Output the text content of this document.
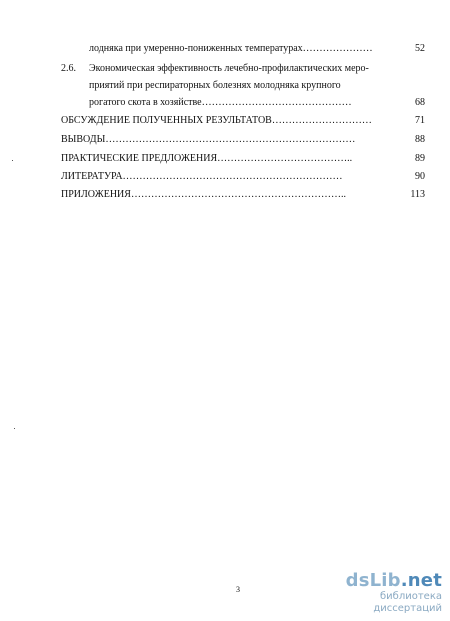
лодняка при умеренно-пониженных температурах…………………	52
2.6. Экономическая эффективность лечебно-профилактических меро-
приятий при респираторных болезнях молодняка крупного
рогатого скота в хозяйстве………………………………………	68
ОБСУЖДЕНИЕ ПОЛУЧЕННЫХ РЕЗУЛЬТАТОВ…………………………	71
ВЫВОДЫ…………………………………………………………………	88
ПРАКТИЧЕСКИЕ ПРЕДЛОЖЕНИЯ…………………………………..	89
ЛИТЕРАТУРА…………………………………………………………	90
ПРИЛОЖЕНИЯ………………………………………………………..	113
3	dsLib.net
библиотека диссертаций
